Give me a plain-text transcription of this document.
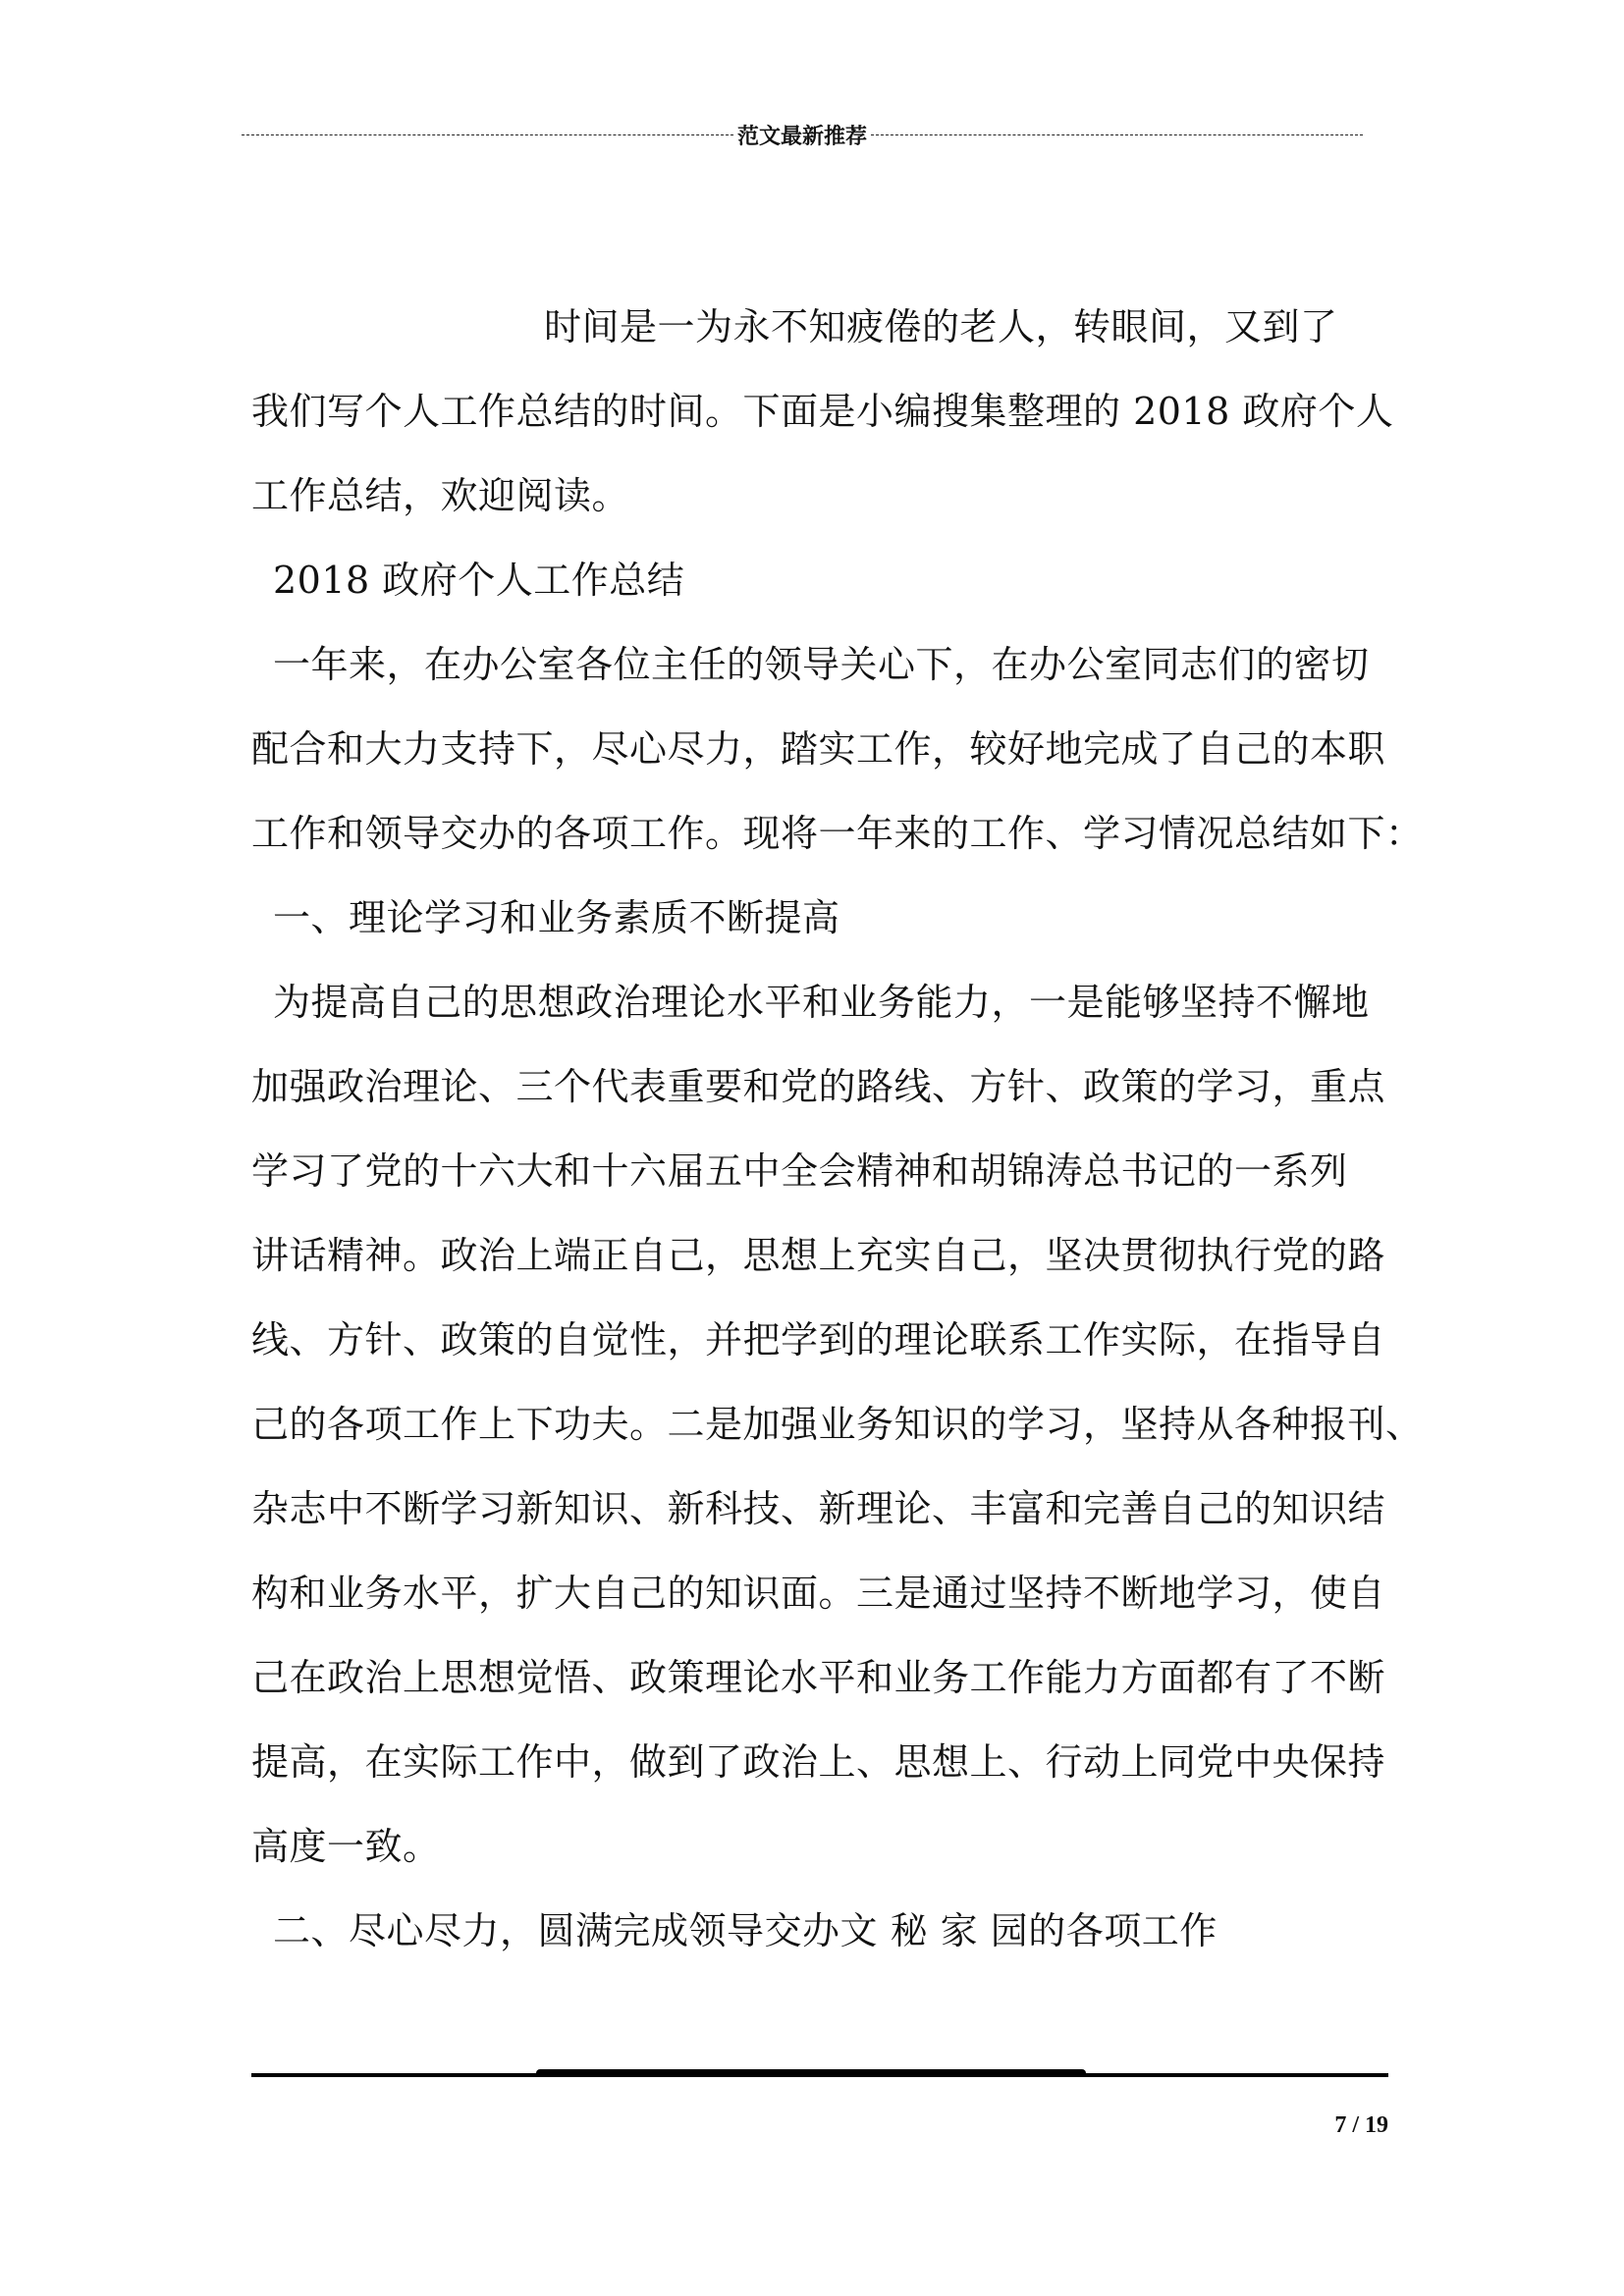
范文最新推荐

时间是一为永不知疲倦的老人，转眼间，又到了

我们写个人工作总结的时间。下面是小编搜集整理的 2018 政府个人

工作总结，欢迎阅读。

2018 政府个人工作总结

一年来，在办公室各位主任的领导关心下，在办公室同志们的密切

配合和大力支持下，尽心尽力，踏实工作，较好地完成了自己的本职

工作和领导交办的各项工作。现将一年来的工作、学习情况总结如下：

一、理论学习和业务素质不断提高

为提高自己的思想政治理论水平和业务能力，一是能够坚持不懈地

加强政治理论、三个代表重要和党的路线、方针、政策的学习，重点

学习了党的十六大和十六届五中全会精神和胡锦涛总书记的一系列

讲话精神。政治上端正自己，思想上充实自己，坚决贯彻执行党的路

线、方针、政策的自觉性，并把学到的理论联系工作实际，在指导自

己的各项工作上下功夫。二是加强业务知识的学习，坚持从各种报刊、

杂志中不断学习新知识、新科技、新理论、丰富和完善自己的知识结

构和业务水平，扩大自己的知识面。三是通过坚持不断地学习，使自

己在政治上思想觉悟、政策理论水平和业务工作能力方面都有了不断

提高，在实际工作中，做到了政治上、思想上、行动上同党中央保持

高度一致。

二、尽心尽力，圆满完成领导交办文 秘 家 园的各项工作

7 / 19
